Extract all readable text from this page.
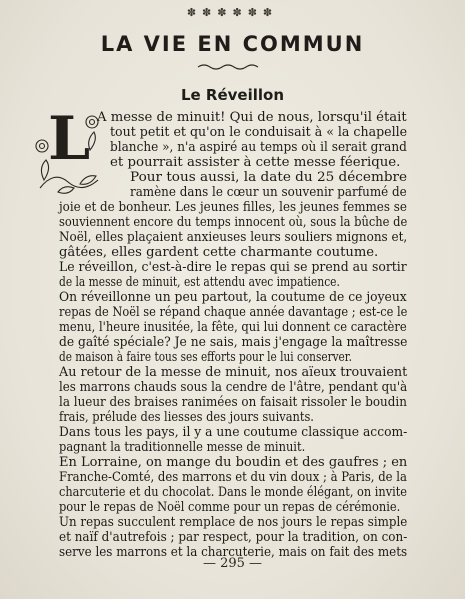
✽✽✽✽✽✽
LA VIE EN COMMUN
Le Réveillon
L A messe de minuit! Qui de nous, lorsqu'il était
tout petit et qu'on le conduisait à « la chapelle
blanche », n'a aspiré au temps où il serait grand
et pourrait assister à cette messe féerique.
Pour tous aussi, la date du 25 décembre
ramène dans le cœur un souvenir parfumé de
joie et de bonheur. Les jeunes filles, les jeunes femmes se
souviennent encore du temps innocent où, sous la bûche de
Noël, elles plaçaient anxieuses leurs souliers mignons et,
gâtées, elles gardent cette charmante coutume.
Le réveillon, c'est-à-dire le repas qui se prend au sortir
de la messe de minuit, est attendu avec impatience.
On réveillonne un peu partout, la coutume de ce joyeux
repas de Noël se répand chaque année davantage ; est-ce le
menu, l'heure inusitée, la fête, qui lui donnent ce caractère
de gaîté spéciale? Je ne sais, mais j'engage la maîtresse
de maison à faire tous ses efforts pour le lui conserver.
Au retour de la messe de minuit, nos aïeux trouvaient
les marrons chauds sous la cendre de l'âtre, pendant qu'à
la lueur des braises ranimées on faisait rissoler le boudin
frais, prélude des liesses des jours suivants.
Dans tous les pays, il y a une coutume classique accom-
pagnant la traditionnelle messe de minuit.
En Lorraine, on mange du boudin et des gaufres ; en
Franche-Comté, des marrons et du vin doux ; à Paris, de la
charcuterie et du chocolat. Dans le monde élégant, on invite
pour le repas de Noël comme pour un repas de cérémonie.
Un repas succulent remplace de nos jours le repas simple
et naïf d'autrefois ; par respect, pour la tradition, on con-
serve les marrons et la charcuterie, mais on fait des mets
— 295 —
